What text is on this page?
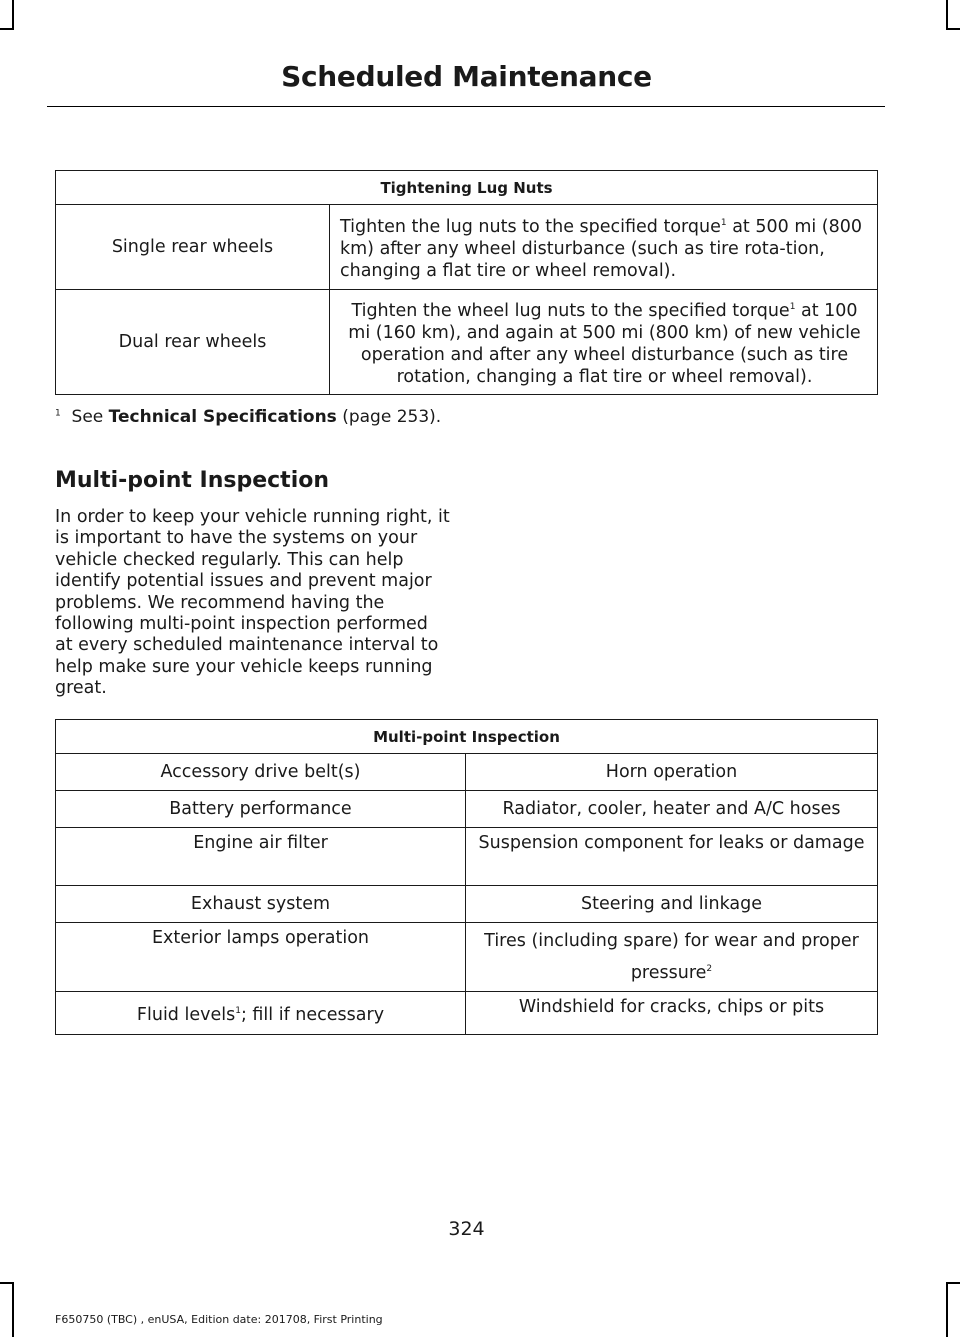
Scheduled Maintenance
Tightening Lug Nuts	
Single rear wheels	Tighten the lug nuts to the specified torque$^1$ at 500 mi (800 km) after any wheel disturbance (such as tire rota-tion, changing a flat tire or wheel removal).
Dual rear wheels	Tighten the wheel lug nuts to the specified torque$^1$ at 100 mi (160 km), and again at 500 mi (800 km) of new vehicle operation and after any wheel disturbance (such as tire rotation, changing a flat tire or wheel removal).
$^1$ See Technical Specifications (page 253).
Multi-point Inspection
In order to keep your vehicle running right, it is important to have the systems on your vehicle checked regularly. This can help identify potential issues and prevent major problems. We recommend having the following multi-point inspection performed at every scheduled maintenance interval to help make sure your vehicle keeps running great.
Multi-point Inspection	
Accessory drive belt(s)	Horn operation
Battery performance	Radiator, cooler, heater and A/C hoses
Engine air filter	Suspension component for leaks or damage
Exhaust system	Steering and linkage
Exterior lamps operation	Tires (including spare) for wear and proper pressure$^2$
Fluid levels$^1$; fill if necessary	Windshield for cracks, chips or pits
324
F650750 (TBC) , enUSA, Edition date: 201708, First Printing
